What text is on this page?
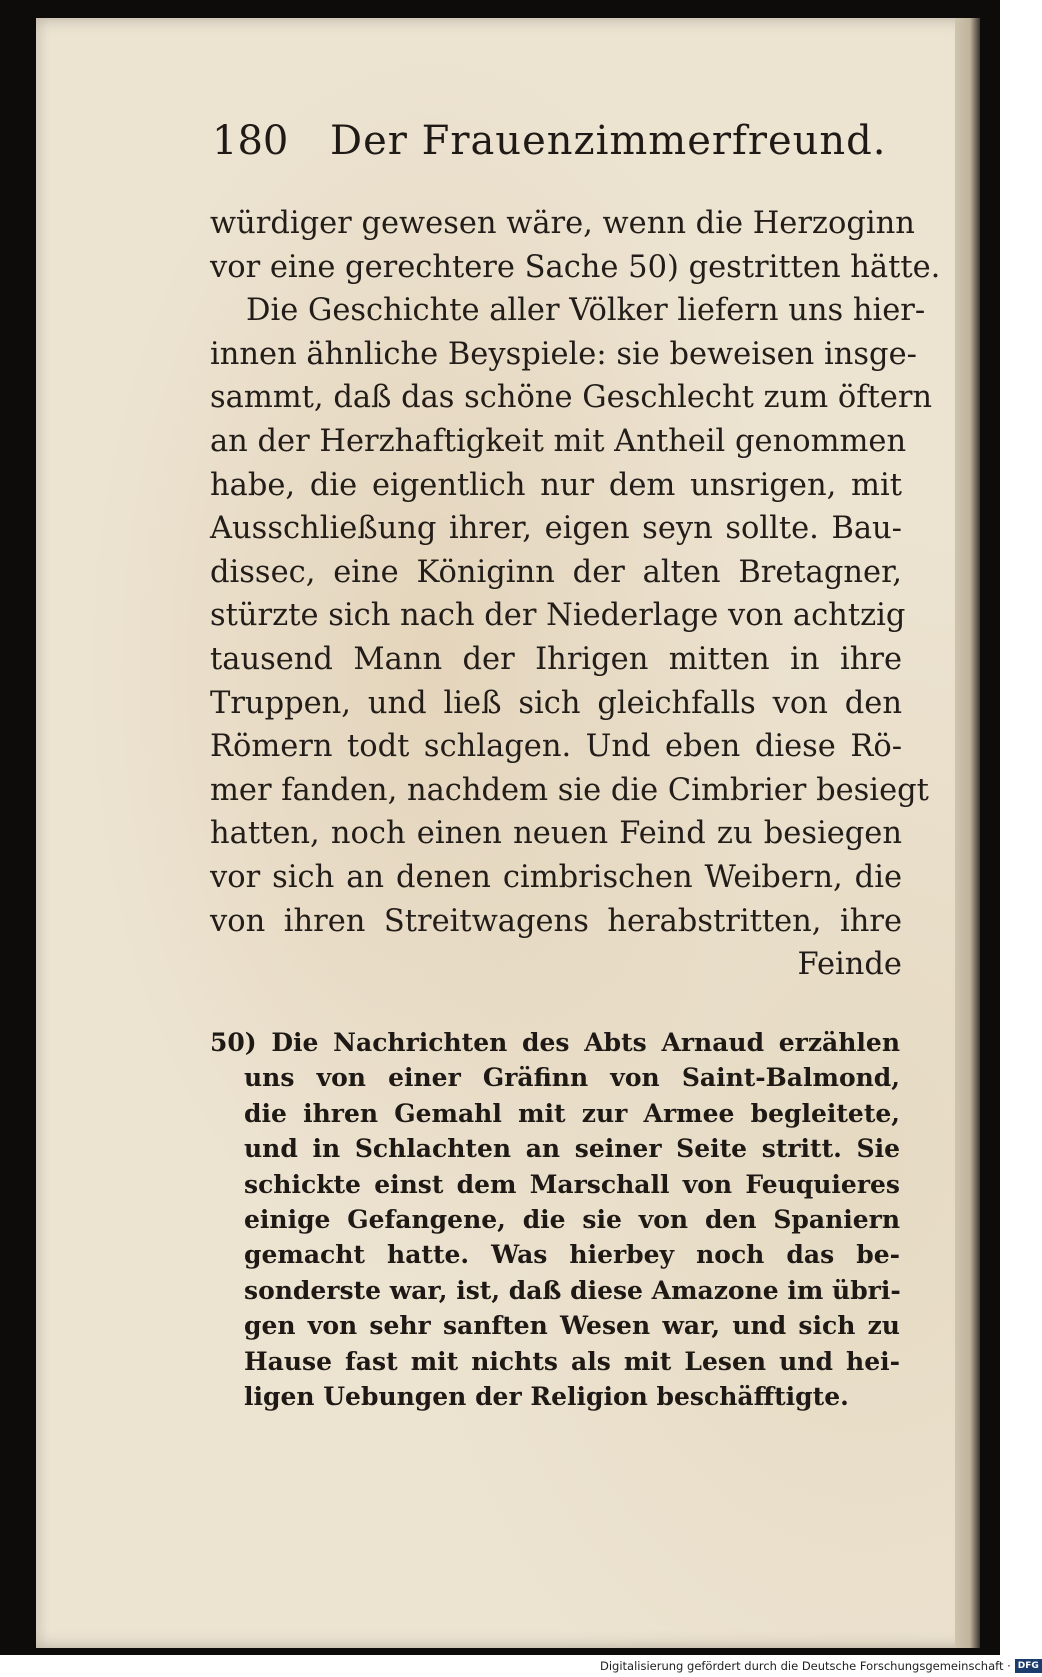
180 Der Frauenzimmerfreund.
würdiger gewesen wäre, wenn die Herzoginn
vor eine gerechtere Sache 50) gestritten hätte.
Die Geschichte aller Völker liefern uns hier-
innen ähnliche Beyspiele: sie beweisen insge-
sammt, daß das schöne Geschlecht zum öftern
an der Herzhaftigkeit mit Antheil genommen
habe, die eigentlich nur dem unsrigen, mit
Ausschließung ihrer, eigen seyn sollte. Bau-
dissec, eine Königinn der alten Bretagner,
stürzte sich nach der Niederlage von achtzig
tausend Mann der Ihrigen mitten in ihre
Truppen, und ließ sich gleichfalls von den
Römern todt schlagen. Und eben diese Rö-
mer fanden, nachdem sie die Cimbrier besiegt
hatten, noch einen neuen Feind zu besiegen
vor sich an denen cimbrischen Weibern, die
von ihren Streitwagens herabstritten, ihre
Feinde
50) Die Nachrichten des Abts Arnaud erzählen
uns von einer Gräfinn von Saint-Balmond,
die ihren Gemahl mit zur Armee begleitete,
und in Schlachten an seiner Seite stritt. Sie
schickte einst dem Marschall von Feuquieres
einige Gefangene, die sie von den Spaniern
gemacht hatte. Was hierbey noch das be-
sonderste war, ist, daß diese Amazone im übri-
gen von sehr sanften Wesen war, und sich zu
Hause fast mit nichts als mit Lesen und hei-
ligen Uebungen der Religion beschäfftigte.
Digitalisierung gefördert durch die Deutsche Forschungsgemeinschaft · DFG
